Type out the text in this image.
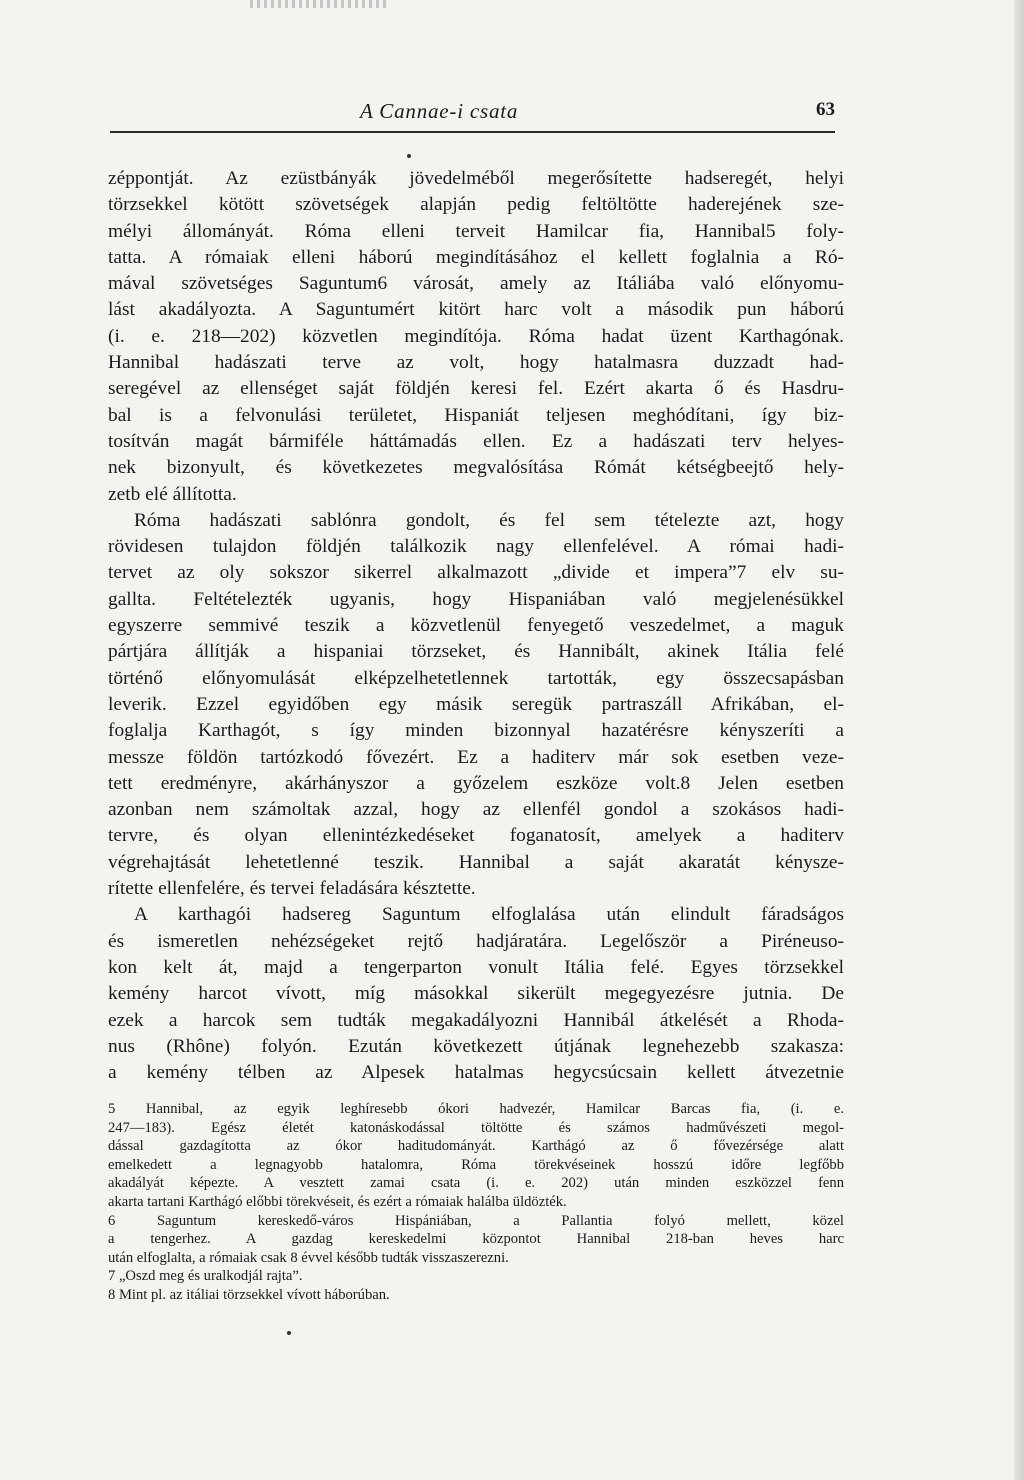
A Cannae-i csata	63
zéppontját. Az ezüstbányák jövedelméből megerősítette hadseregét, helyi
törzsekkel kötött szövetségek alapján pedig feltöltötte haderejének sze-
mélyi állományát. Róma elleni terveit Hamilcar fia, Hannibal5 foly-
tatta. A rómaiak elleni háború megindításához el kellett foglalnia a Ró-
mával szövetséges Saguntum6 városát, amely az Itáliába való előnyomu-
lást akadályozta. A Saguntumért kitört harc volt a második pun háború
(i. e. 218—202) közvetlen megindítója. Róma hadat üzent Karthagónak.
Hannibal hadászati terve az volt, hogy hatalmasra duzzadt had-
seregével az ellenséget saját földjén keresi fel. Ezért akarta ő és Hasdru-
bal is a felvonulási területet, Hispaniát teljesen meghódítani, így biz-
tosítván magát bármiféle háttámadás ellen. Ez a hadászati terv helyes-
nek bizonyult, és következetes megvalósítása Rómát kétségbeejtő hely-
zetb elé állította.
Róma hadászati sablónra gondolt, és fel sem tételezte azt, hogy
rövidesen tulajdon földjén találkozik nagy ellenfelével. A római hadi-
tervet az oly sokszor sikerrel alkalmazott „divide et impera”7 elv su-
gallta. Feltételezték ugyanis, hogy Hispaniában való megjelenésükkel
egyszerre semmivé teszik a közvetlenül fenyegető veszedelmet, a maguk
pártjára állítják a hispaniai törzseket, és Hannibált, akinek Itália felé
történő előnyomulását elképzelhetetlennek tartották, egy összecsapásban
leverik. Ezzel egyidőben egy másik seregük partraszáll Afrikában, el-
foglalja Karthagót, s így minden bizonnyal hazatérésre kényszeríti a
messze földön tartózkodó fővezért. Ez a haditerv már sok esetben veze-
tett eredményre, akárhányszor a győzelem eszköze volt.8 Jelen esetben
azonban nem számoltak azzal, hogy az ellenfél gondol a szokásos hadi-
tervre, és olyan ellenintézkedéseket foganatosít, amelyek a haditerv
végrehajtását lehetetlenné teszik. Hannibal a saját akaratát kénysze-
rítette ellenfelére, és tervei feladására késztette.
A karthagói hadsereg Saguntum elfoglalása után elindult fáradságos
és ismeretlen nehézségeket rejtő hadjáratára. Legelőször a Piréneuso-
kon kelt át, majd a tengerparton vonult Itália felé. Egyes törzsekkel
kemény harcot vívott, míg másokkal sikerült megegyezésre jutnia. De
ezek a harcok sem tudták megakadályozni Hannibál átkelését a Rhoda-
nus (Rhône) folyón. Ezután következett útjának legnehezebb szakasza:
a kemény télben az Alpesek hatalmas hegycsúcsain kellett átvezetnie
5 Hannibal, az egyik leghíresebb ókori hadvezér, Hamilcar Barcas fia, (i. e.
247—183). Egész életét katonáskodással töltötte és számos hadművészeti megol-
dással gazdagította az ókor haditudományát. Karthágó az ő fővezérsége alatt
emelkedett a legnagyobb hatalomra, Róma törekvéseinek hosszú időre legfőbb
akadályát képezte. A vesztett zamai csata (i. e. 202) után minden eszközzel fenn
akarta tartani Karthágó előbbi törekvéseit, és ezért a rómaiak halálba üldözték.
6 Saguntum kereskedő-város Hispániában, a Pallantia folyó mellett, közel
a tengerhez. A gazdag kereskedelmi központot Hannibal 218-ban heves harc
után elfoglalta, a rómaiak csak 8 évvel később tudták visszaszerezni.
7 „Oszd meg és uralkodjál rajta”.
8 Mint pl. az itáliai törzsekkel vívott háborúban.
